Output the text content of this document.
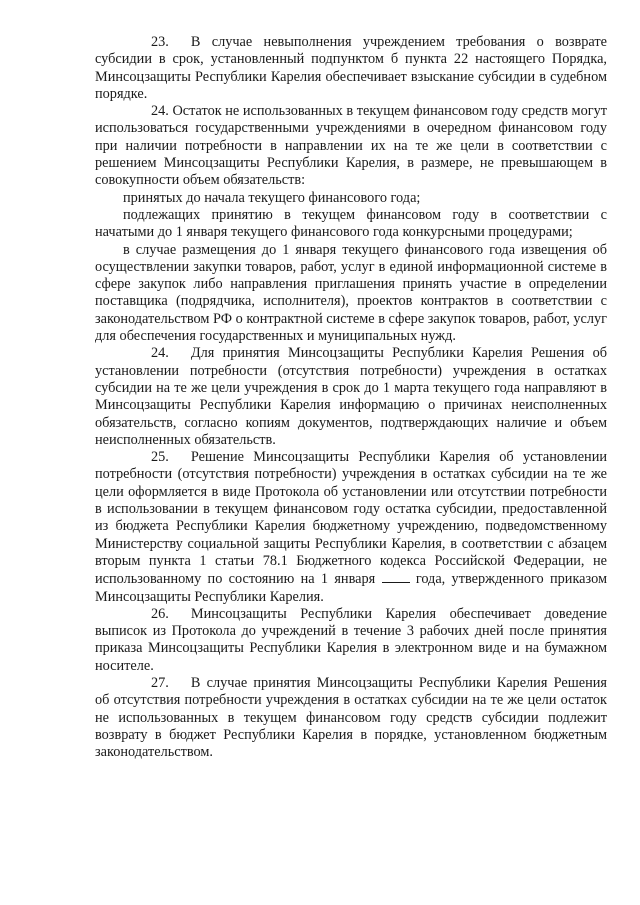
23. В случае невыполнения учреждением требования о возврате субсидии в срок, установленный подпунктом б пункта 22 настоящего Порядка, Минсоцзащиты Республики Карелия обеспечивает взыскание субсидии в судебном порядке.

24. Остаток не использованных в текущем финансовом году средств могут использоваться государственными учреждениями в очередном финансовом году при наличии потребности в направлении их на те же цели в соответствии с решением Минсоцзащиты Республики Карелия, в размере, не превышающем в совокупности объем обязательств:

принятых до начала текущего финансового года;

подлежащих принятию в текущем финансовом году в соответствии с начатыми до 1 января текущего финансового года конкурсными процедурами;

в случае размещения до 1 января текущего финансового года извещения об осуществлении закупки товаров, работ, услуг в единой информационной системе в сфере закупок либо направления приглашения принять участие в определении поставщика (подрядчика, исполнителя), проектов контрактов в соответствии с законодательством РФ о контрактной системе в сфере закупок товаров, работ, услуг для обеспечения государственных и муниципальных нужд.

24. Для принятия Минсоцзащиты Республики Карелия Решения об установлении потребности (отсутствия потребности) учреждения в остатках субсидии на те же цели учреждения в срок до 1 марта текущего года направляют в Минсоцзащиты Республики Карелия информацию о причинах неисполненных обязательств, согласно копиям документов, подтверждающих наличие и объем неисполненных обязательств.

25. Решение Минсоцзащиты Республики Карелия об установлении потребности (отсутствия потребности) учреждения в остатках субсидии на те же цели оформляется в виде Протокола об установлении или отсутствии потребности в использовании в текущем финансовом году остатка субсидии, предоставленной из бюджета Республики Карелия бюджетному учреждению, подведомственному Министерству социальной защиты Республики Карелия, в соответствии с абзацем вторым пункта 1 статьи 78.1 Бюджетного кодекса Российской Федерации, не использованному по состоянию на 1 января	года, утвержденного приказом Минсоцзащиты Республики Карелия.

26. Минсоцзащиты Республики Карелия обеспечивает доведение выписок из Протокола до учреждений в течение 3 рабочих дней после принятия приказа Минсоцзащиты Республики Карелия в электронном виде и на бумажном носителе.

27. В случае принятия Минсоцзащиты Республики Карелия Решения об отсутствия потребности учреждения в остатках субсидии на те же цели остаток не использованных в текущем финансовом году средств субсидии подлежит возврату в бюджет Республики Карелия в порядке, установленном бюджетным законодательством.
